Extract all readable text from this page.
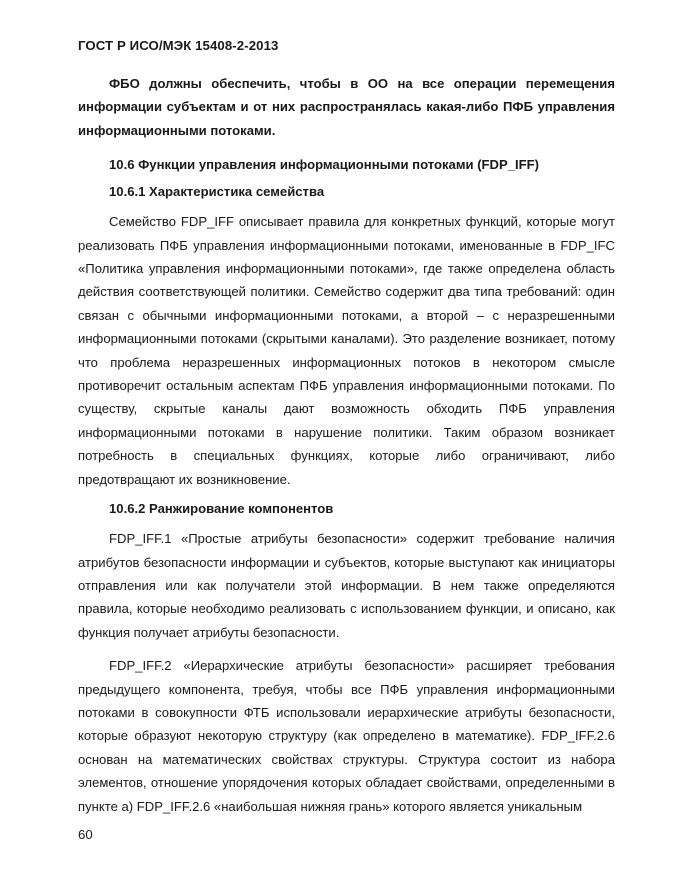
ГОСТ Р ИСО/МЭК 15408-2-2013

ФБО должны обеспечить, чтобы в ОО на все операции перемещения информации субъектам и от них распространялась какая-либо ПФБ управления информационными потоками.

10.6 Функции управления информационными потоками (FDP_IFF)

10.6.1 Характеристика семейства

Семейство FDP_IFF описывает правила для конкретных функций, которые могут реализовать ПФБ управления информационными потоками, именованные в FDP_IFC «Политика управления информационными потоками», где также определена область действия соответствующей политики. Семейство содержит два типа требований: один связан с обычными информационными потоками, а второй – с неразрешенными информационными потоками (скрытыми каналами). Это разделение возникает, потому что проблема неразрешенных информационных потоков в некотором смысле противоречит остальным аспектам ПФБ управления информационными потоками. По существу, скрытые каналы дают возможность обходить ПФБ управления информационными потоками в нарушение политики. Таким образом возникает потребность в специальных функциях, которые либо ограничивают, либо предотвращают их возникновение.

10.6.2 Ранжирование компонентов

FDP_IFF.1 «Простые атрибуты безопасности» содержит требование наличия атрибутов безопасности информации и субъектов, которые выступают как инициаторы отправления или как получатели этой информации. В нем также определяются правила, которые необходимо реализовать с использованием функции, и описано, как функция получает атрибуты безопасности.

FDP_IFF.2 «Иерархические атрибуты безопасности» расширяет требования предыдущего компонента, требуя, чтобы все ПФБ управления информационными потоками в совокупности ФТБ использовали иерархические атрибуты безопасности, которые образуют некоторую структуру (как определено в математике). FDP_IFF.2.6 основан на математических свойствах структуры. Структура состоит из набора элементов, отношение упорядочения которых обладает свойствами, определенными в пункте а) FDP_IFF.2.6 «наибольшая нижняя грань» которого является уникальным

60
